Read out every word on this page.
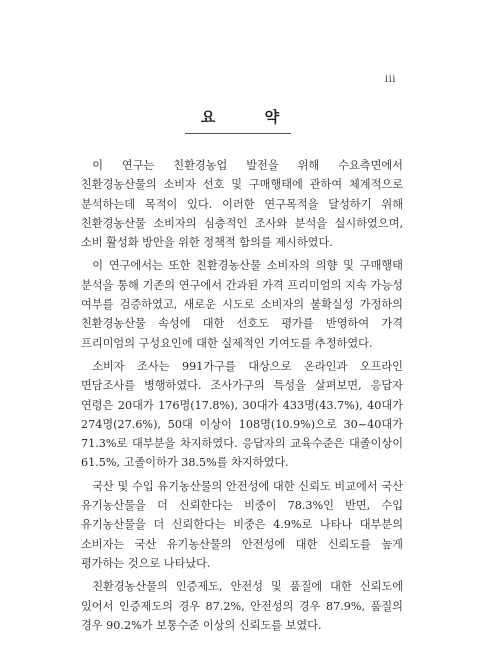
iii
요 약

이 연구는 친환경농업 발전을 위해 수요측면에서 친환경농산물의 소비자 선호 및 구매행태에 관하여 체계적으로 분석하는데 목적이 있다. 이러한 연구목적을 달성하기 위해 친환경농산물 소비자의 심층적인 조사와 분석을 실시하였으며, 소비 활성화 방안을 위한 정책적 함의를 제시하였다.

이 연구에서는 또한 친환경농산물 소비자의 의향 및 구매행태 분석을 통해 기존의 연구에서 간과된 가격 프리미엄의 지속 가능성 여부를 검증하였고, 새로운 시도로 소비자의 불확실성 가정하의 친환경농산물 속성에 대한 선호도 평가를 반영하여 가격 프리미엄의 구성요인에 대한 실제적인 기여도를 추정하였다.

소비자 조사는 991가구를 대상으로 온라인과 오프라인 면담조사를 병행하였다. 조사가구의 특성을 살펴보면, 응답자 연령은 20대가 176명(17.8%), 30대가 433명(43.7%), 40대가 274명(27.6%), 50대 이상이 108명(10.9%)으로 30~40대가 71.3%로 대부분을 차지하였다. 응답자의 교육수준은 대졸이상이 61.5%, 고졸이하가 38.5%를 차지하였다.

국산 및 수입 유기농산물의 안전성에 대한 신뢰도 비교에서 국산 유기농산물을 더 신뢰한다는 비중이 78.3%인 반면, 수입 유기농산물을 더 신뢰한다는 비중은 4.9%로 나타나 대부분의 소비자는 국산 유기농산물의 안전성에 대한 신뢰도를 높게 평가하는 것으로 나타났다.

친환경농산물의 인증제도, 안전성 및 품질에 대한 신뢰도에 있어서 인증제도의 경우 87.2%, 안전성의 경우 87.9%, 품질의 경우 90.2%가 보통수준 이상의 신뢰도를 보였다.
